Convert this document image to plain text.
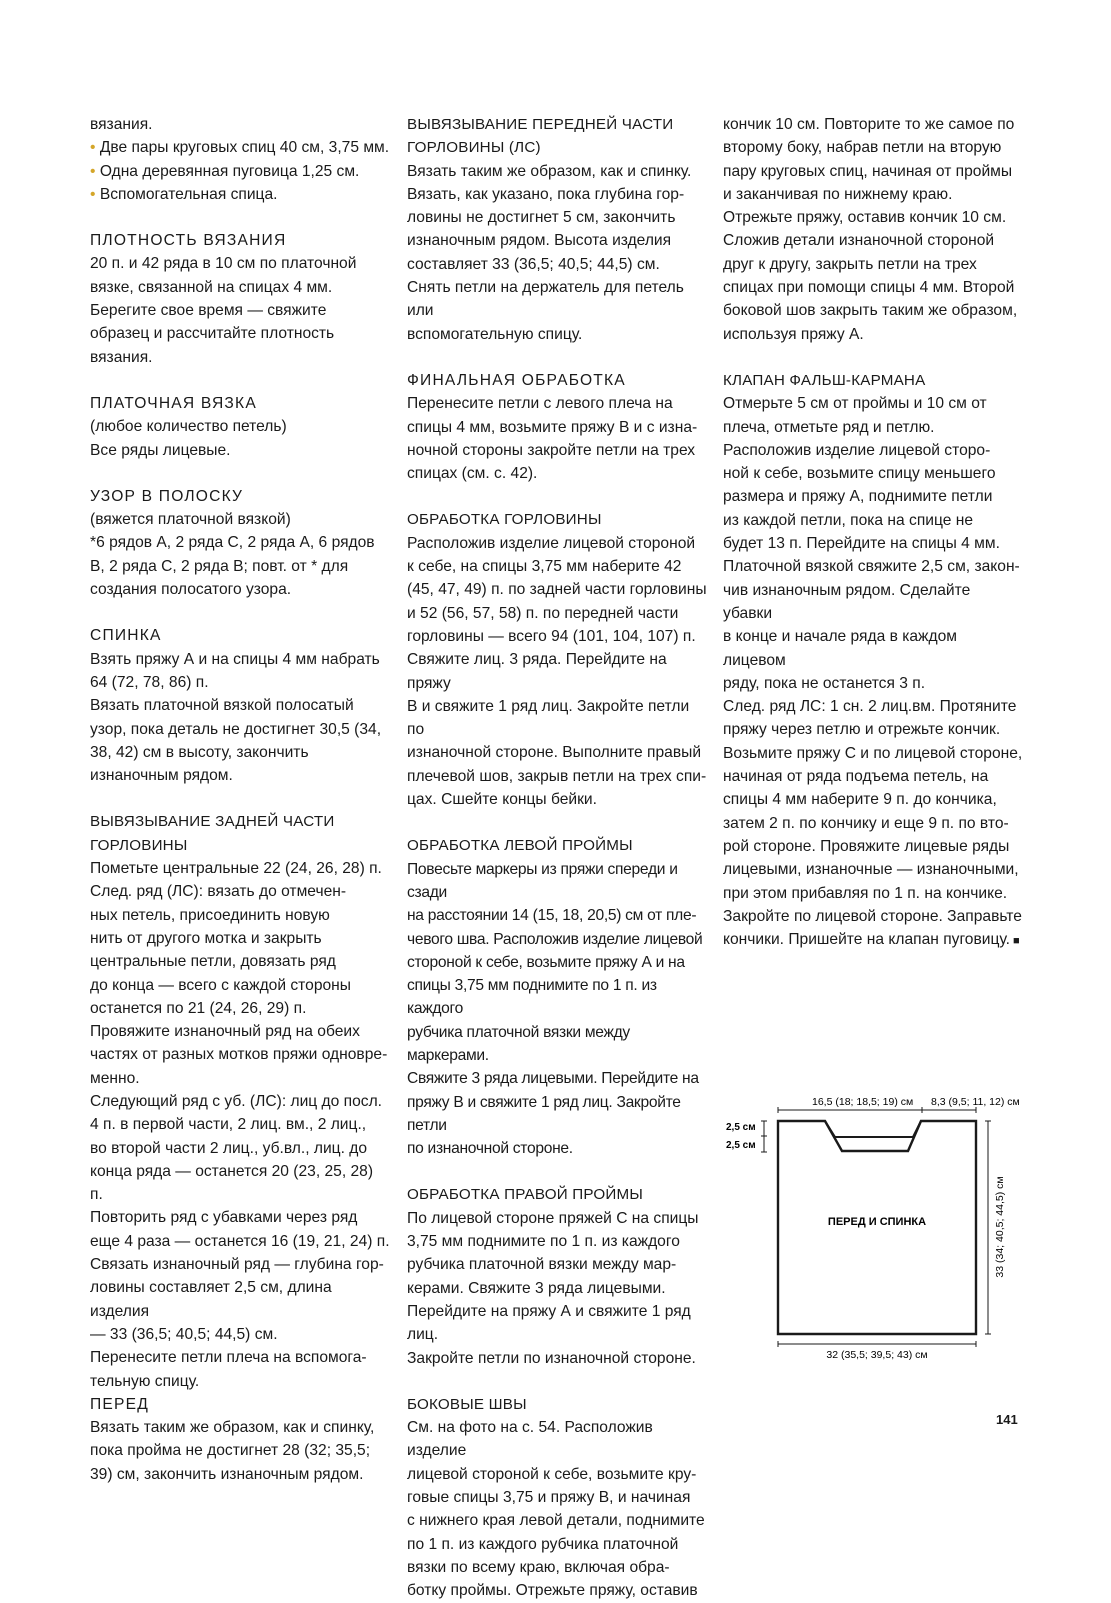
вязания.

• Две пары круговых спиц 40 см, 3,75 мм.

• Одна деревянная пуговица 1,25 см.

• Вспомогательная спица.

ПЛОТНОСТЬ ВЯЗАНИЯ

20 п. и 42 ряда в 10 см по платочной вязке, связанной на спицах 4 мм. Берегите свое время — свяжите образец и рассчитайте плотность вязания.

ПЛАТОЧНАЯ ВЯЗКА

(любое количество петель)

Все ряды лицевые.

УЗОР В ПОЛОСКУ

(вяжется платочной вязкой)

*6 рядов A, 2 ряда C, 2 ряда A, 6 рядов B, 2 ряда C, 2 ряда B; повт. от * для создания полосатого узора.

СПИНКА

Взять пряжу А и на спицы 4 мм набрать 64 (72, 78, 86) п.

Вязать платочной вязкой полосатый узор, пока деталь не достигнет 30,5 (34, 38, 42) см в высоту, закончить изнаночным рядом.

ВЫВЯЗЫВАНИЕ ЗАДНЕЙ ЧАСТИ ГОРЛОВИНЫ

Пометьте центральные 22 (24, 26, 28) п.

След. ряд (ЛС): вязать до отмечен-

ных петель, присоединить новую

нить от другого мотка и закрыть

центральные петли, довязать ряд

до конца — всего с каждой стороны

останется по 21 (24, 26, 29) п.

Провяжите изнаночный ряд на обеих

частях от разных мотков пряжи одновре-

менно.

Следующий ряд с уб. (ЛС): лиц до посл.

4 п. в первой части, 2 лиц. вм., 2 лиц.,

во второй части 2 лиц., уб.вл., лиц. до

конца ряда — останется 20 (23, 25, 28) п.

Повторить ряд с убавками через ряд

еще 4 раза — останется 16 (19, 21, 24) п.

Связать изнаночный ряд — глубина гор-

ловины составляет 2,5 см, длина изделия

— 33 (36,5; 40,5; 44,5) см.

Перенесите петли плеча на вспомога-

тельную спицу.

ПЕРЕД

Вязать таким же образом, как и спинку,

пока пройма не достигнет 28 (32; 35,5;

39) см, закончить изнаночным рядом.

ВЫВЯЗЫВАНИЕ ПЕРЕДНЕЙ ЧАСТИ ГОРЛОВИНЫ (ЛС)

Вязать таким же образом, как и спинку.

Вязать, как указано, пока глубина гор-

ловины не достигнет 5 см, закончить

изнаночным рядом. Высота изделия

составляет 33 (36,5; 40,5; 44,5) см.

Снять петли на держатель для петель или

вспомогательную спицу.

ФИНАЛЬНАЯ ОБРАБОТКА

Перенесите петли с левого плеча на

спицы 4 мм, возьмите пряжу В и с изна-

ночной стороны закройте петли на трех

спицах (см. с. 42).

ОБРАБОТКА ГОРЛОВИНЫ

Расположив изделие лицевой стороной

к себе, на спицы 3,75 мм наберите 42

(45, 47, 49) п. по задней части горловины

и 52 (56, 57, 58) п. по передней части

горловины — всего 94 (101, 104, 107) п.

Свяжите лиц. 3 ряда. Перейдите на пряжу

В и свяжите 1 ряд лиц. Закройте петли по

изнаночной стороне. Выполните правый

плечевой шов, закрыв петли на трех спи-

цах. Сшейте концы бейки.

ОБРАБОТКА ЛЕВОЙ ПРОЙМЫ

Повесьте маркеры из пряжи спереди и сзади

на расстоянии 14 (15, 18, 20,5) см от пле-

чевого шва. Расположив изделие лицевой

стороной к себе, возьмите пряжу А и на

спицы 3,75 мм поднимите по 1 п. из каждого

рубчика платочной вязки между маркерами.

Свяжите 3 ряда лицевыми. Перейдите на

пряжу В и свяжите 1 ряд лиц. Закройте петли

по изнаночной стороне.

ОБРАБОТКА ПРАВОЙ ПРОЙМЫ

По лицевой стороне пряжей С на спицы

3,75 мм поднимите по 1 п. из каждого

рубчика платочной вязки между мар-

керами. Свяжите 3 ряда лицевыми.

Перейдите на пряжу А и свяжите 1 ряд лиц.

Закройте петли по изнаночной стороне.

БОКОВЫЕ ШВЫ

См. на фото на с. 54. Расположив изделие

лицевой стороной к себе, возьмите кру-

говые спицы 3,75 и пряжу В, и начиная

с нижнего края левой детали, поднимите

по 1 п. из каждого рубчика платочной

вязки по всему краю, включая обра-

ботку проймы. Отрежьте пряжу, оставив

кончик 10 см. Повторите то же самое по

второму боку, набрав петли на вторую

пару круговых спиц, начиная от проймы

и заканчивая по нижнему краю.

Отрежьте пряжу, оставив кончик 10 см.

Сложив детали изнаночной стороной

друг к другу, закрыть петли на трех

спицах при помощи спицы 4 мм. Второй

боковой шов закрыть таким же образом,

используя пряжу А.

КЛАПАН ФАЛЬШ-КАРМАНА

Отмерьте 5 см от проймы и 10 см от

плеча, отметьте ряд и петлю.

Расположив изделие лицевой сторо-

ной к себе, возьмите спицу меньшего

размера и пряжу А, поднимите петли

из каждой петли, пока на спице не

будет 13 п. Перейдите на спицы 4 мм.

Платочной вязкой свяжите 2,5 см, закон-

чив изнаночным рядом. Сделайте убавки

в конце и начале ряда в каждом лицевом

ряду, пока не останется 3 п.

След. ряд ЛС: 1 сн. 2 лиц.вм. Протяните

пряжу через петлю и отрежьте кончик.

Возьмите пряжу С и по лицевой стороне,

начиная от ряда подъема петель, на

спицы 4 мм наберите 9 п. до кончика,

затем 2 п. по кончику и еще 9 п. по вто-

рой стороне. Провяжите лицевые ряды

лицевыми, изнаночные — изнаночными,

при этом прибавляя по 1 п. на кончике.

Закройте по лицевой стороне. Заправьте

кончики. Пришейте на клапан пуговицу. ■

16,5 (18; 18,5; 19) см 8,3 (9,5; 11, 12) см
2,5 см
2,5 см
ПЕРЕД И СПИНКА	33 (34; 40,5; 44,5) см
32 (35,5; 39,5; 43) см
141
